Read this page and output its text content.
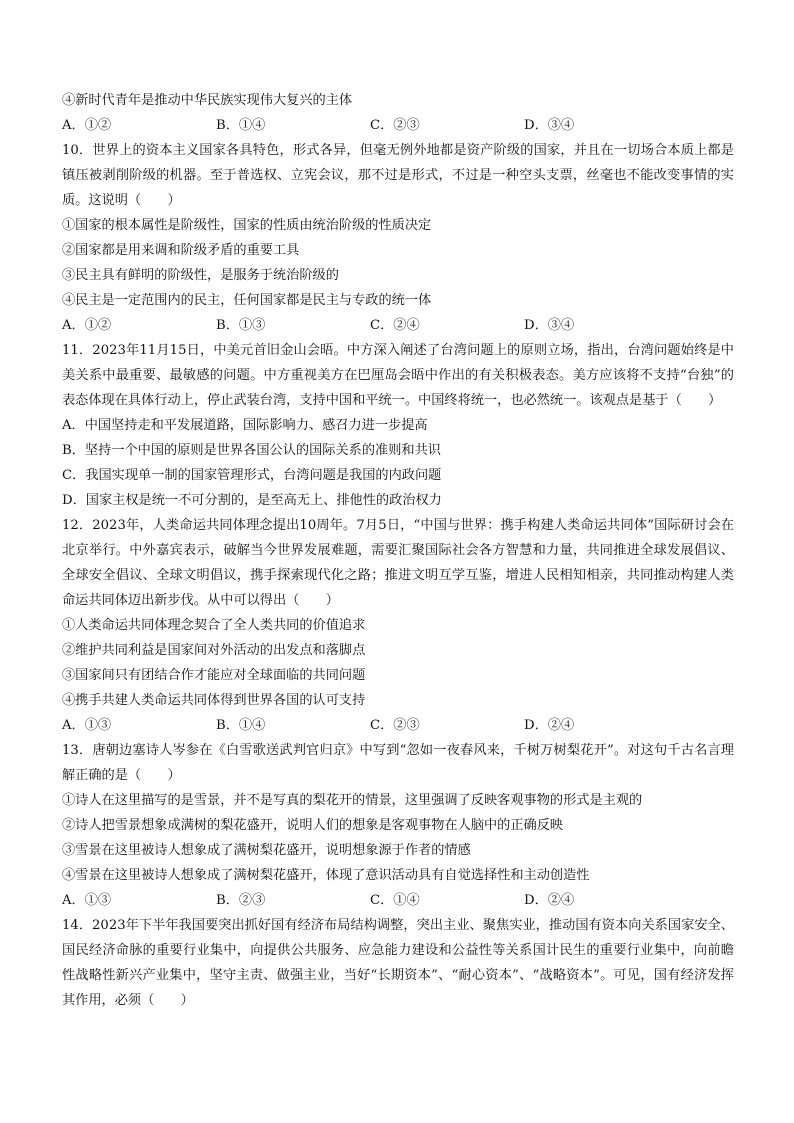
④新时代青年是推动中华民族实现伟大复兴的主体
A．①②	B．①④	C．②③	D．③④
10．世界上的资本主义国家各具特色，形式各异，但毫无例外地都是资产阶级的国家，并且在一切场合本质上都是镇压被剥削阶级的机器。至于普选权、立宪会议，那不过是形式，不过是一种空头支票，丝毫也不能改变事情的实质。这说明（　　）
①国家的根本属性是阶级性，国家的性质由统治阶级的性质决定
②国家都是用来调和阶级矛盾的重要工具
③民主具有鲜明的阶级性，是服务于统治阶级的
④民主是一定范围内的民主，任何国家都是民主与专政的统一体
A．①②	B．①③	C．②④	D．③④
11．2023年11月15日，中美元首旧金山会晤。中方深入阐述了台湾问题上的原则立场，指出，台湾问题始终是中美关系中最重要、最敏感的问题。中方重视美方在巴厘岛会晤中作出的有关积极表态。美方应该将不支持“台独”的表态体现在具体行动上，停止武装台湾，支持中国和平统一。中国终将统一，也必然统一。该观点是基于（　　）
A．中国坚持走和平发展道路，国际影响力、感召力进一步提高
B．坚持一个中国的原则是世界各国公认的国际关系的准则和共识
C．我国实现单一制的国家管理形式，台湾问题是我国的内政问题
D．国家主权是统一不可分割的，是至高无上、排他性的政治权力
12．2023年，人类命运共同体理念提出10周年。7月5日，“中国与世界：携手构建人类命运共同体”国际研讨会在北京举行。中外嘉宾表示，破解当今世界发展难题，需要汇聚国际社会各方智慧和力量，共同推进全球发展倡议、全球安全倡议、全球文明倡议，携手探索现代化之路；推进文明互学互鉴，增进人民相知相亲，共同推动构建人类命运共同体迈出新步伐。从中可以得出（　　）
①人类命运共同体理念契合了全人类共同的价值追求
②维护共同利益是国家间对外活动的出发点和落脚点
③国家间只有团结合作才能应对全球面临的共同问题
④携手共建人类命运共同体得到世界各国的认可支持
A．①③	B．①④	C．②③	D．②④
13．唐朝边塞诗人岑参在《白雪歌送武判官归京》中写到“忽如一夜春风来，千树万树梨花开”。对这句千古名言理解正确的是（　　）
①诗人在这里描写的是雪景，并不是写真的梨花开的情景，这里强调了反映客观事物的形式是主观的
②诗人把雪景想象成满树的梨花盛开，说明人们的想象是客观事物在人脑中的正确反映
③雪景在这里被诗人想象成了满树梨花盛开，说明想象源于作者的情感
④雪景在这里被诗人想象成了满树梨花盛开，体现了意识活动具有自觉选择性和主动创造性
A．①③	B．②③	C．①④	D．②④
14．2023年下半年我国要突出抓好国有经济布局结构调整，突出主业、聚焦实业，推动国有资本向关系国家安全、国民经济命脉的重要行业集中，向提供公共服务、应急能力建设和公益性等关系国计民生的重要行业集中，向前瞻性战略性新兴产业集中，坚守主责、做强主业，当好“长期资本”、“耐心资本”、“战略资本”。可见，国有经济发挥其作用，必须（　　）
